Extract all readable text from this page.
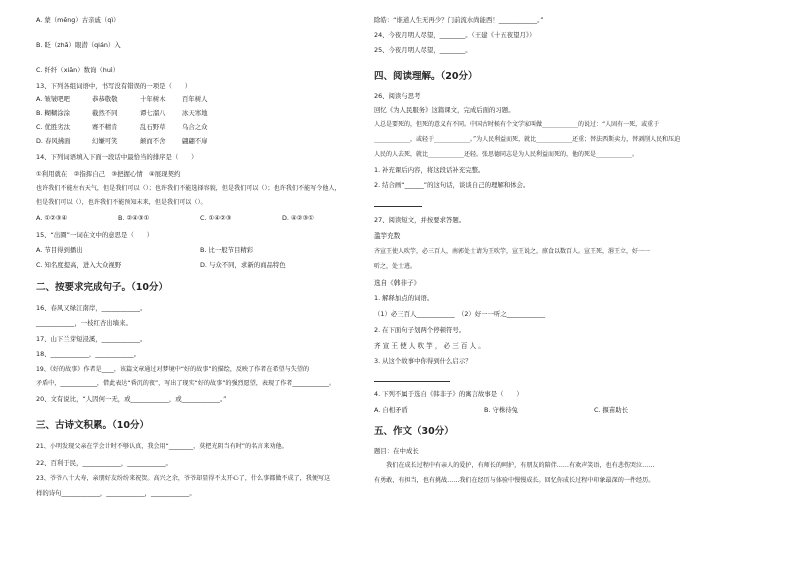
A. 蒙（mēng）古亲戚（qì）
B. 眨（zhǎ）眼潜（qián）入
C. 纤纤（xiān）数询（huì）
13、下列各组词语中，书写没有错误的一项是（　　）
A. 皱皱吧吧	恭恭敬敬	十年树木	百年树人
B. 糊糊涂涂	截然不同	谭七溜八	冰天寒地
C. 优胜劣汰	赛不精肯	乱石野草	乌合之众
D. 春风拂面	幻嫌可笑	颠而不舍	翩翩不扉
14、下列词语填入下面一段话中最恰当的排序是（　　）
①利用就在　②指挥自己　③把握心情　④展现契约
也许我们不能左右天气，但是我们可以（）；也许我们不能选择容貌，但是我们可以（）；也许我们不能写令他人，
但是我们可以（），也许我们不能预知未来，但是我们可以（）。
A. ①②③④	B. ②④③①	C. ①④②③	D. ④②③①
15、“出圈”一词在文中的意思是（　　）
A. 节目得到播出	B. 比一般节目精彩
C. 知名度提高，进入大众视野	D. 与众不同，求新的商品特色
二、按要求完成句子。（10分）
16、春风又绿江南岸，____________。
____________，一枝红杏出墙来。
17、山下兰芽短浸溪，____________。
18、____________，____________。
19、《好的故事》作者是____，该篇文章通过对梦境中“好的故事”的描绘，反映了作者在希望与失望的
矛盾中，____________，借此表达“昏沉的夜”，写出了现实“好的故事”的强烈愿望，表现了作者____________。
20、文有说比，“人因何一无，或____________，或____________。”
三、古诗文积累。（10分）
21、小明发现父亲在学会计时不够认真，我会用“________，莫把光阴当有时”的名言来劝他。
22、百利于民，____________，____________。
23、爷爷八十大寿，亲朋好友纷纷来祝贺。高兴之余，爷爷却显得不太开心了，什么事都做不成了，我便写这
样的诗句____________，____________，____________。
除皓：“谁道人生无再少？门前流水尚能西！____________。”
24、今夜月明人尽望，________。（王建《十五夜望月》）
25、今夜月明人尽望，________。
四、阅读理解。（20分）
26、阅读与思考
回忆《为人民服务》这篇课文，完成后面的习题。
人总是要死的，但死的意义有不同。中国古时候有个文学家叫做____________的说过：“人固有一死，或重于
____________，或轻于____________。”为人民利益而死，就比____________还重；替法西斯卖力，替剥削人民和压迫
人民的人去死，就比____________还轻。张思德同志是为人民利益而死的，他的死是____________。
1. 补充课后内容，将这段话补充完整。
2. 结合画“______”的这句话，谈谈自己的理解和体会。
27、阅读短文，并按要求答题。
滥竽充数
齐宣王使人吹竽，必三百人，南郭处士请为王吹竽，宣王说之，廪食以数百人。宣王死，湣王立，好一一
听之，处士逃。
选自《韩非子》
1. 解释加点的词语。
（1）必三百人____________　（2）好一一听之____________
2. 在下面句子划两个停顿符号。
齐 宣 王 使 人 吹 竽 ， 必 三 百 人 。
3. 从这个故事中你得到什么启示？
4. 下列不属于选自《韩非子》的寓言故事是（　　）
A. 自相矛盾	B. 守株待兔	C. 揠苗助长
五、作文（30分）
题目：在中成长
　　我们在成长过程中有亲人的爱护，有师长的呵护，有朋友的陪伴……有欢声笑语，也有悲伤哭泣……
有勇敢，有担当，也有挑战……我们在经历与体验中慢慢成长。回忆你成长过程中印象最深的一件经历。
